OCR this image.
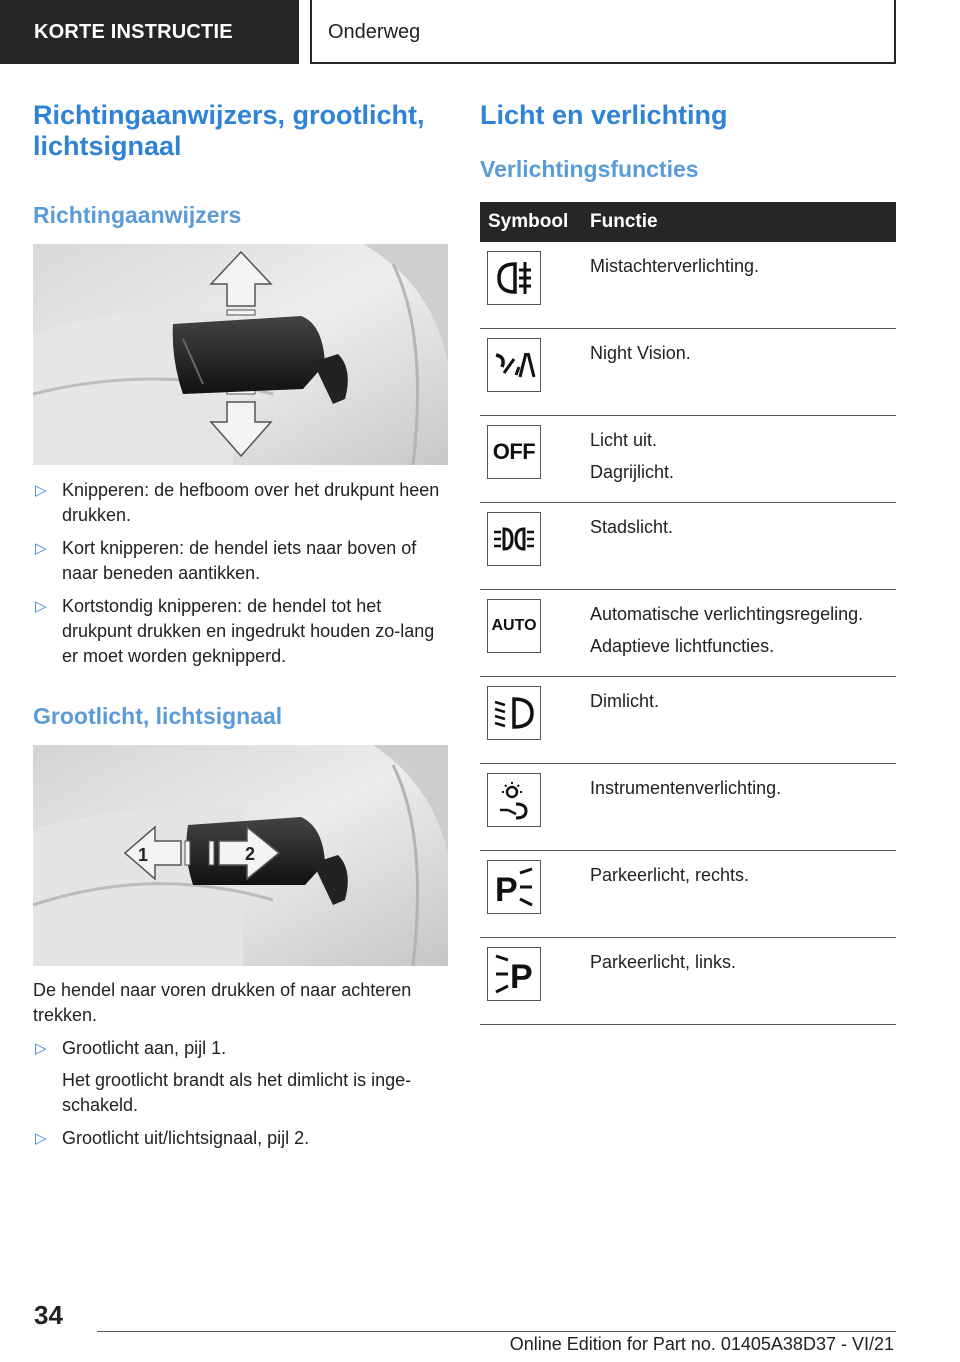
KORTE INSTRUCTIE	Onderweg
Richtingaanwijzers, grootlicht, lichtsignaal
Richtingaanwijzers
▷ Knipperen: de hefboom over het drukpunt heen drukken.
▷ Kort knipperen: de hendel iets naar boven of naar beneden aantikken.
▷ Kortstondig knipperen: de hendel tot het drukpunt drukken en ingedrukt houden zo-lang er moet worden geknipperd.
Grootlicht, lichtsignaal
1	2

De hendel naar voren drukken of naar achteren trekken.

▷ Grootlicht aan, pijl 1.
Het grootlicht brandt als het dimlicht is inge-schakeld.
▷ Grootlicht uit/lichtsignaal, pijl 2.
Licht en verlichting
Verlichtingsfuncties
Symbool	Functie

Mistachterverlichting.

Night Vision.

OFF	Licht uit.
Dagrijlicht.

Stadslicht.

AUTO	Automatische verlichtingsregeling.
Adaptieve lichtfuncties.

Dimlicht.

Instrumentenverlichting.

P	Parkeerlicht, rechts.

P	Parkeerlicht, links.
34
Online Edition for Part no. 01405A38D37 - VI/21
